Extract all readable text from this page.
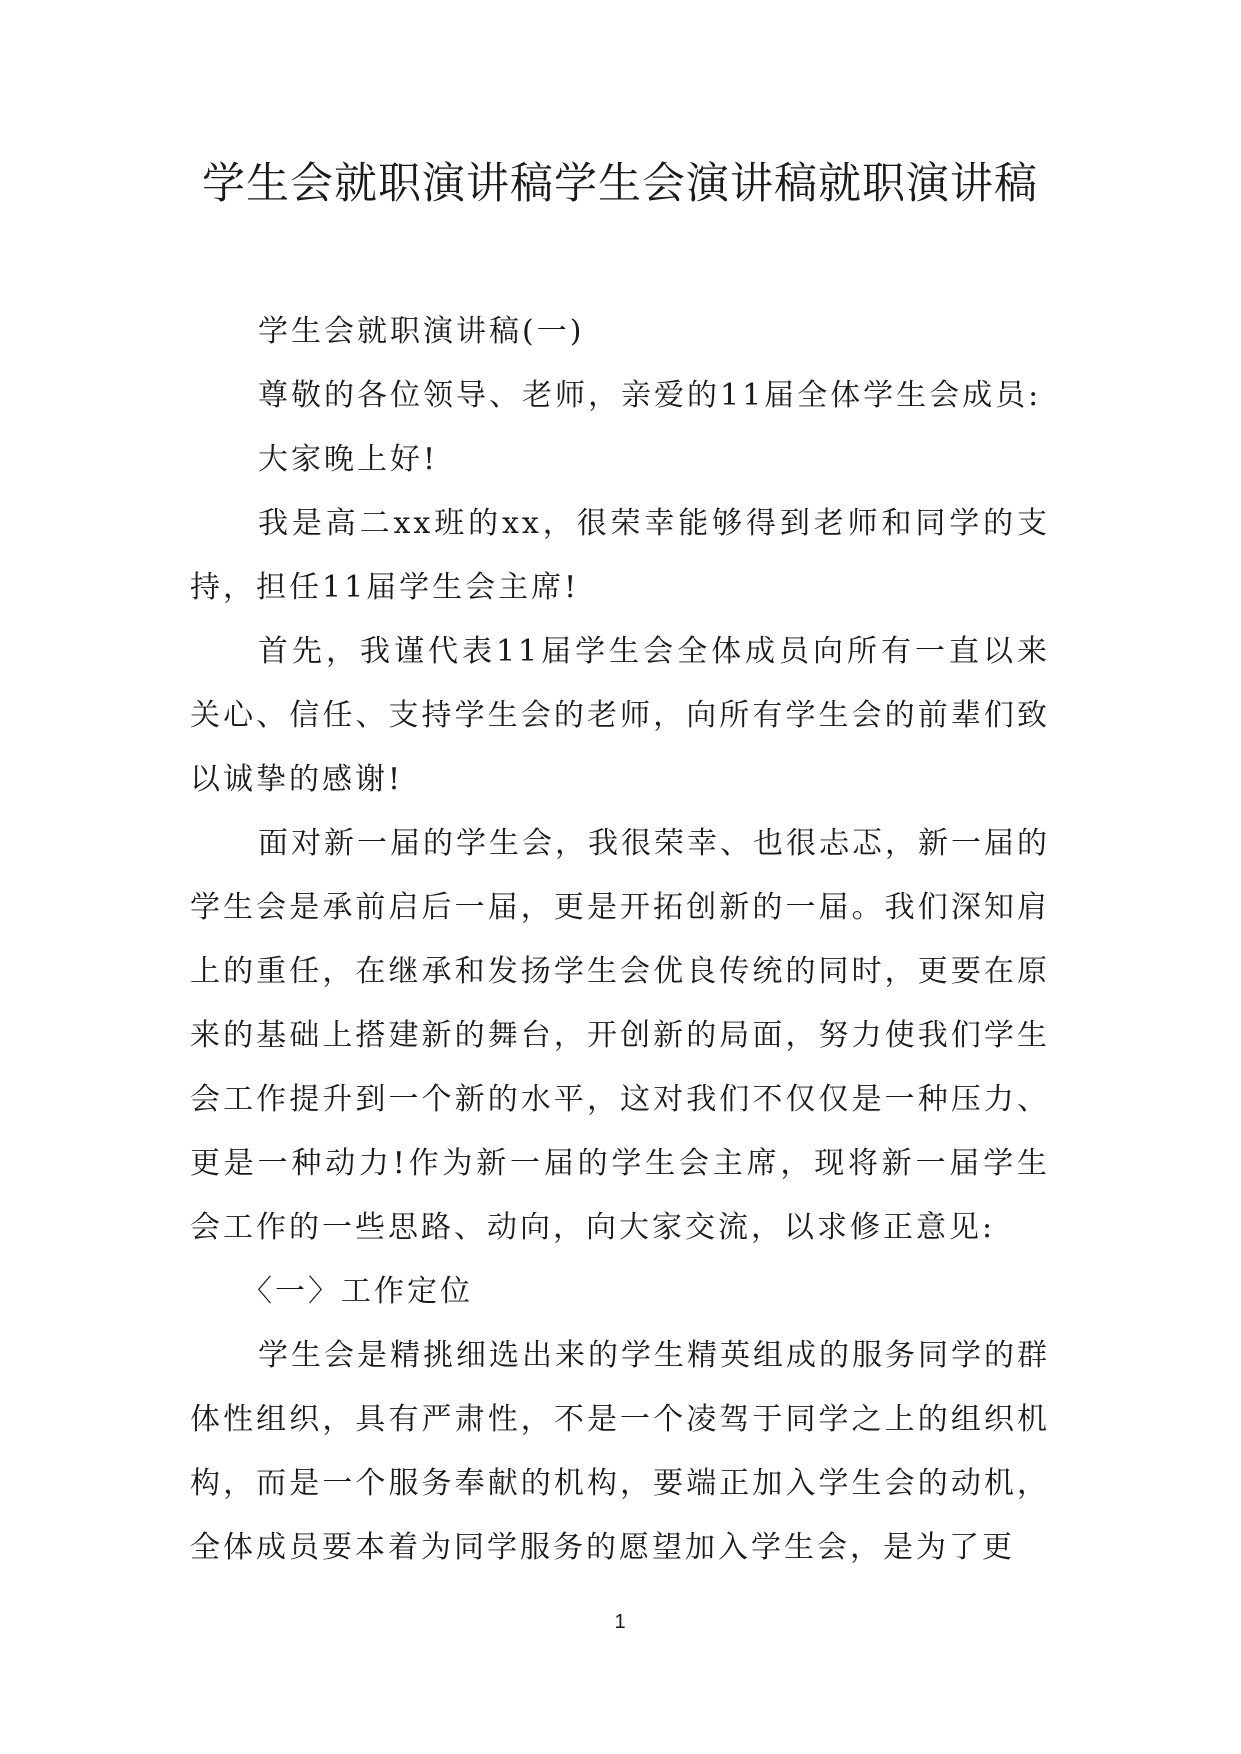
学生会就职演讲稿学生会演讲稿就职演讲稿

学生会就职演讲稿(一)

尊敬的各位领导、老师，亲爱的11届全体学生会成员:

大家晚上好!

我是高二xx班的xx，很荣幸能够得到老师和同学的支持，担任11届学生会主席!

首先，我谨代表11届学生会全体成员向所有一直以来关心、信任、支持学生会的老师，向所有学生会的前辈们致以诚挚的感谢!

面对新一届的学生会，我很荣幸、也很忐忑，新一届的学生会是承前启后一届，更是开拓创新的一届。我们深知肩上的重任，在继承和发扬学生会优良传统的同时，更要在原来的基础上搭建新的舞台，开创新的局面，努力使我们学生会工作提升到一个新的水平，这对我们不仅仅是一种压力、更是一种动力!作为新一届的学生会主席，现将新一届学生会工作的一些思路、动向，向大家交流，以求修正意见:

〈一〉工作定位

学生会是精挑细选出来的学生精英组成的服务同学的群体性组织，具有严肃性，不是一个凌驾于同学之上的组织机构，而是一个服务奉献的机构，要端正加入学生会的动机，全体成员要本着为同学服务的愿望加入学生会，是为了更

1
